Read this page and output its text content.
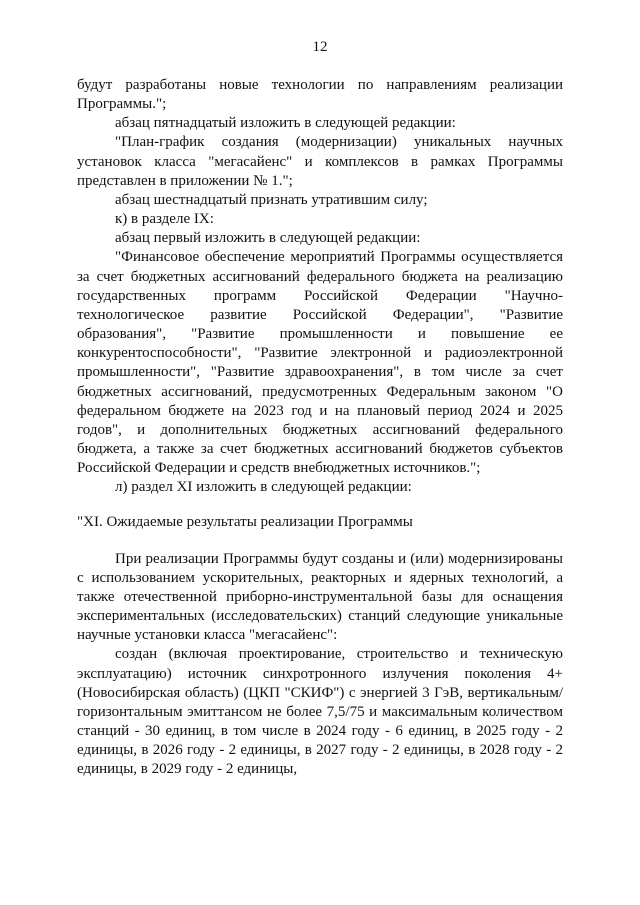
12

будут разработаны новые технологии по направлениям реализации Программы.";

абзац пятнадцатый изложить в следующей редакции:

"План-график создания (модернизации) уникальных научных установок класса "мегасайенс" и комплексов в рамках Программы представлен в приложении № 1.";

абзац шестнадцатый признать утратившим силу;

к) в разделе IX:

абзац первый изложить в следующей редакции:

"Финансовое обеспечение мероприятий Программы осуществляется за счет бюджетных ассигнований федерального бюджета на реализацию государственных программ Российской Федерации "Научно-технологическое развитие Российской Федерации", "Развитие образования", "Развитие промышленности и повышение ее конкурентоспособности", "Развитие электронной и радиоэлектронной промышленности", "Развитие здравоохранения", в том числе за счет бюджетных ассигнований, предусмотренных Федеральным законом "О федеральном бюджете на 2023 год и на плановый период 2024 и 2025 годов", и дополнительных бюджетных ассигнований федерального бюджета, а также за счет бюджетных ассигнований бюджетов субъектов Российской Федерации и средств внебюджетных источников.";

л) раздел XI изложить в следующей редакции:

"XI. Ожидаемые результаты реализации Программы

При реализации Программы будут созданы и (или) модернизированы с использованием ускорительных, реакторных и ядерных технологий, а также отечественной приборно-инструментальной базы для оснащения экспериментальных (исследовательских) станций следующие уникальные научные установки класса "мегасайенс":

создан (включая проектирование, строительство и техническую эксплуатацию) источник синхротронного излучения поколения 4+ (Новосибирская область) (ЦКП "СКИФ") с энергией 3 ГэВ, вертикальным/горизонтальным эмиттансом не более 7,5/75 и максимальным количеством станций - 30 единиц, в том числе в 2024 году - 6 единиц, в 2025 году - 2 единицы, в 2026 году - 2 единицы, в 2027 году - 2 единицы, в 2028 году - 2 единицы, в 2029 году - 2 единицы,
